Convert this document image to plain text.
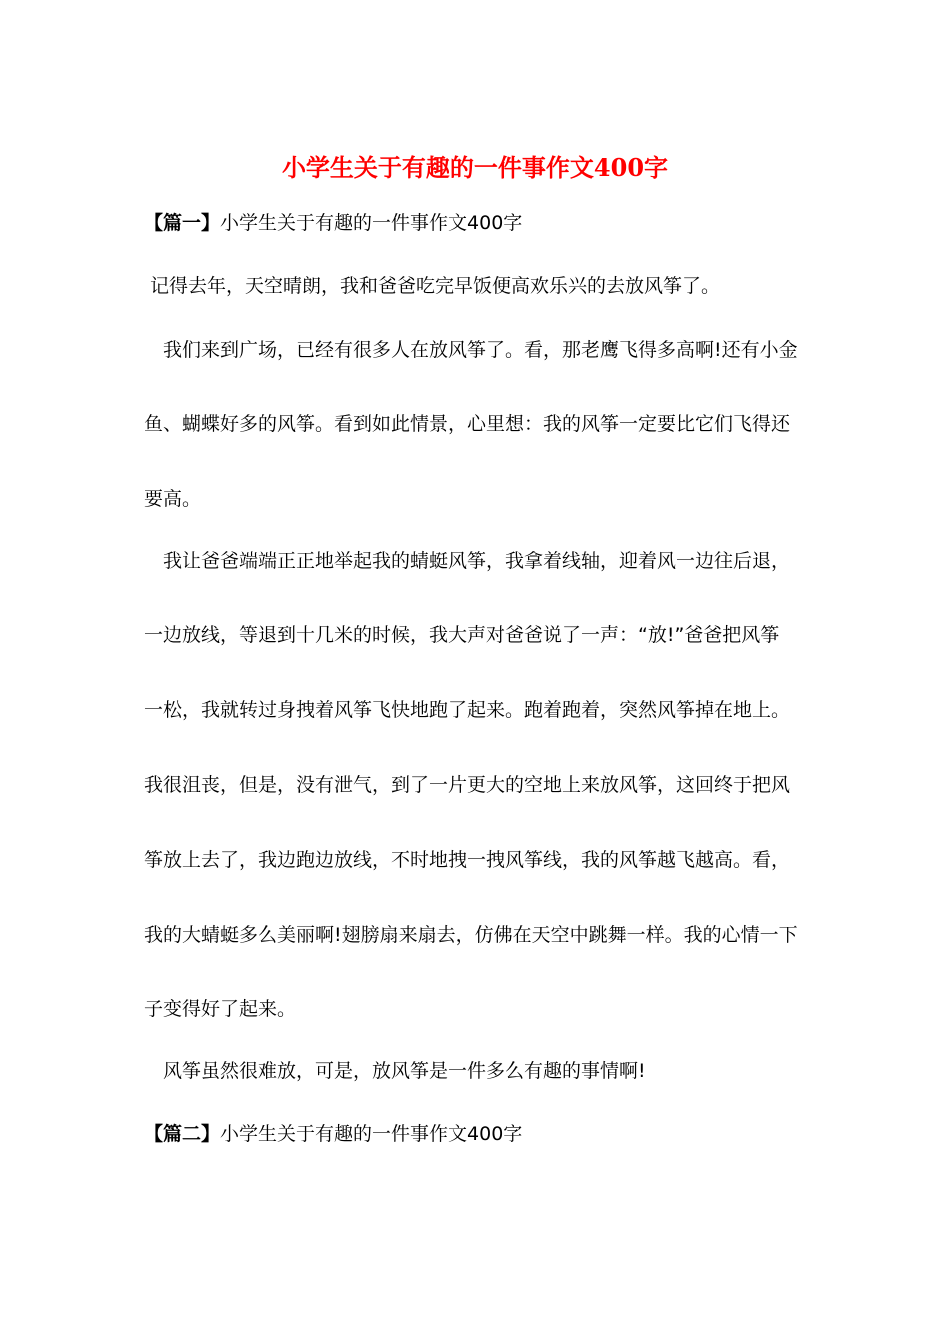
小学生关于有趣的一件事作文400字
【篇一】小学生关于有趣的一件事作文400字
记得去年，天空晴朗，我和爸爸吃完早饭便高欢乐兴的去放风筝了。
我们来到广场，已经有很多人在放风筝了。看，那老鹰飞得多高啊!还有小金
鱼、蝴蝶好多的风筝。看到如此情景，心里想：我的风筝一定要比它们飞得还
要高。
我让爸爸端端正正地举起我的蜻蜓风筝，我拿着线轴，迎着风一边往后退，
一边放线，等退到十几米的时候，我大声对爸爸说了一声：“放!”爸爸把风筝
一松，我就转过身拽着风筝飞快地跑了起来。跑着跑着，突然风筝掉在地上。
我很沮丧，但是，没有泄气，到了一片更大的空地上来放风筝，这回终于把风
筝放上去了，我边跑边放线，不时地拽一拽风筝线，我的风筝越飞越高。看，
我的大蜻蜓多么美丽啊!翅膀扇来扇去，仿佛在天空中跳舞一样。我的心情一下
子变得好了起来。
风筝虽然很难放，可是，放风筝是一件多么有趣的事情啊!
【篇二】小学生关于有趣的一件事作文400字
